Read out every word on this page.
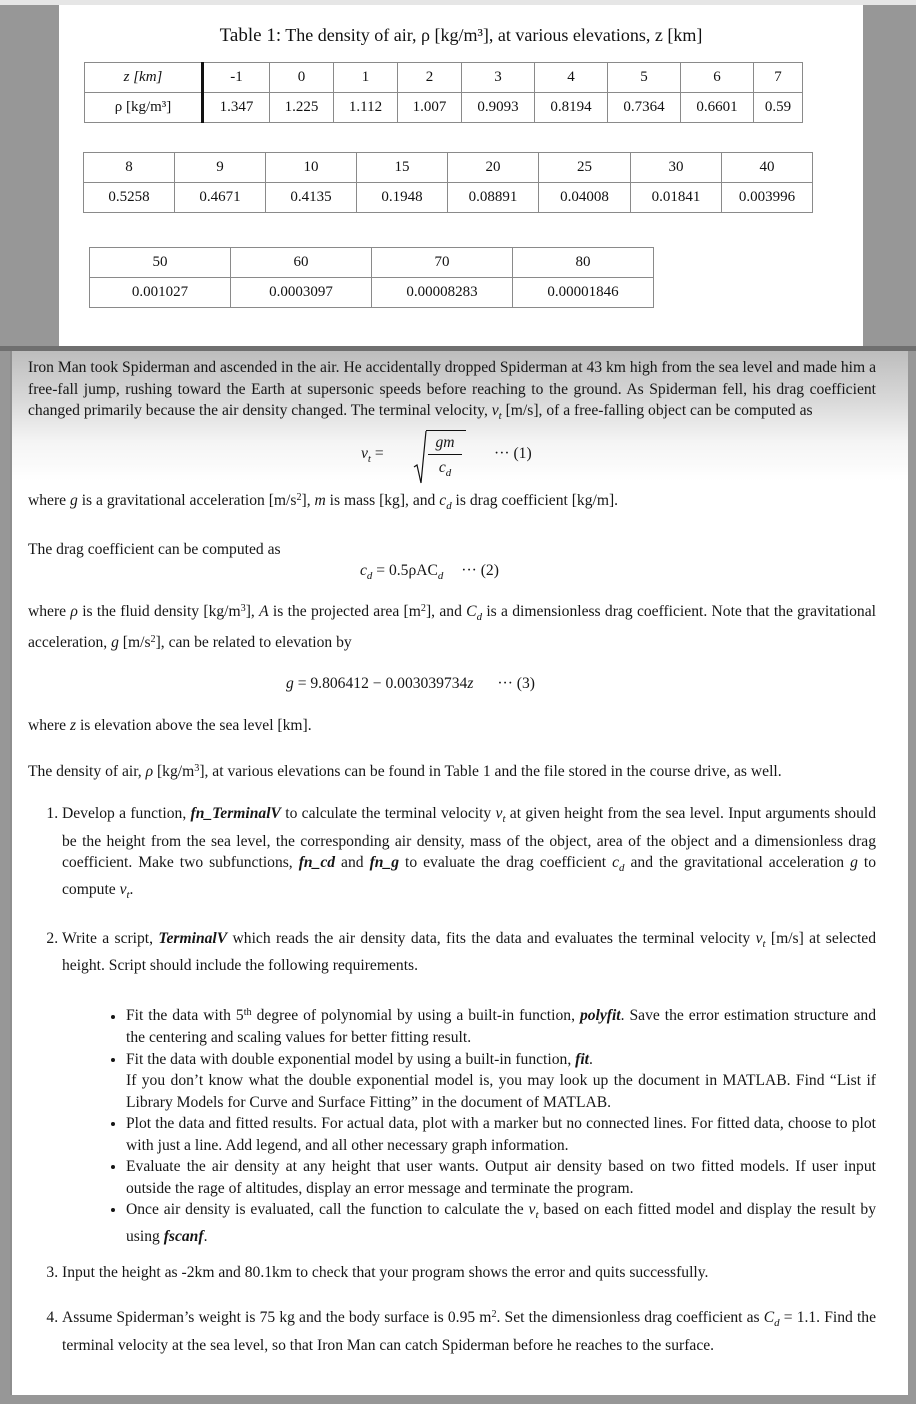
Table 1: The density of air, ρ [kg/m³], at various elevations, z [km]
z [km]	-1	0	1	2	3	4	5	6	7
ρ [kg/m³]	1.347	1.225	1.112	1.007	0.9093	0.8194	0.7364	0.6601	0.59
8	9	10	15	20	25	30	40
0.5258	0.4671	0.4135	0.1948	0.08891	0.04008	0.01841	0.003996
50	60	70	80
0.001027	0.0003097	0.00008283	0.00001846

Iron Man took Spiderman and ascended in the air. He accidentally dropped Spiderman at 43 km high from the sea level and made him a free-fall jump, rushing toward the Earth at supersonic speeds before reaching to the ground. As Spiderman fell, his drag coefficient changed primarily because the air density changed. The terminal velocity, $v_t$ [m/s], of a free-falling object can be computed as

$v_t$ =
gm
$c_d$
··· (1)

where g is a gravitational acceleration $[m/s^2]$, m is mass [kg], and $c_d$ is drag coefficient [kg/m].

The drag coefficient can be computed as

$c_d = 0.5\rho AC_d$ ··· (2)

where ρ is the fluid density $[kg/m^3]$, A is the projected area $[m^2]$, and $C_d$ is a dimensionless drag coefficient. Note that the gravitational acceleration, g $[m/s^2]$, can be related to elevation by

g = 9.806412 − 0.003039734z ··· (3)

where z is elevation above the sea level [km].

The density of air, ρ $[kg/m^3]$, at various elevations can be found in Table 1 and the file stored in the course drive, as well.

1. Develop a function, fn_TerminalV to calculate the terminal velocity $v_t$ at given height from the sea level. Input arguments should be the height from the sea level, the corresponding air density, mass of the object, area of the object and a dimensionless drag coefficient. Make two subfunctions, fn_cd and fn_g to evaluate the drag coefficient $c_d$ and the gravitational acceleration g to compute $v_t$.
2. Write a script, TerminalV which reads the air density data, fits the data and evaluates the terminal velocity $v_t$ [m/s] at selected height. Script should include the following requirements.
• Fit the data with 5th degree of polynomial by using a built-in function, polyfit. Save the error estimation structure and the centering and scaling values for better fitting result.
• Fit the data with double exponential model by using a built-in function, fit.
If you don’t know what the double exponential model is, you may look up the document in MATLAB. Find “List if Library Models for Curve and Surface Fitting” in the document of MATLAB.
• Plot the data and fitted results. For actual data, plot with a marker but no connected lines. For fitted data, choose to plot with just a line. Add legend, and all other necessary graph information.
• Evaluate the air density at any height that user wants. Output air density based on two fitted models. If user input outside the rage of altitudes, display an error message and terminate the program.
• Once air density is evaluated, call the function to calculate the $v_t$ based on each fitted model and display the result by using fscanf.
3. Input the height as -2km and 80.1km to check that your program shows the error and quits successfully.
4. Assume Spiderman’s weight is 75 kg and the body surface is 0.95 $m^2$. Set the dimensionless drag coefficient as $C_d = 1.1$. Find the terminal velocity at the sea level, so that Iron Man can catch Spiderman before he reaches to the surface.
